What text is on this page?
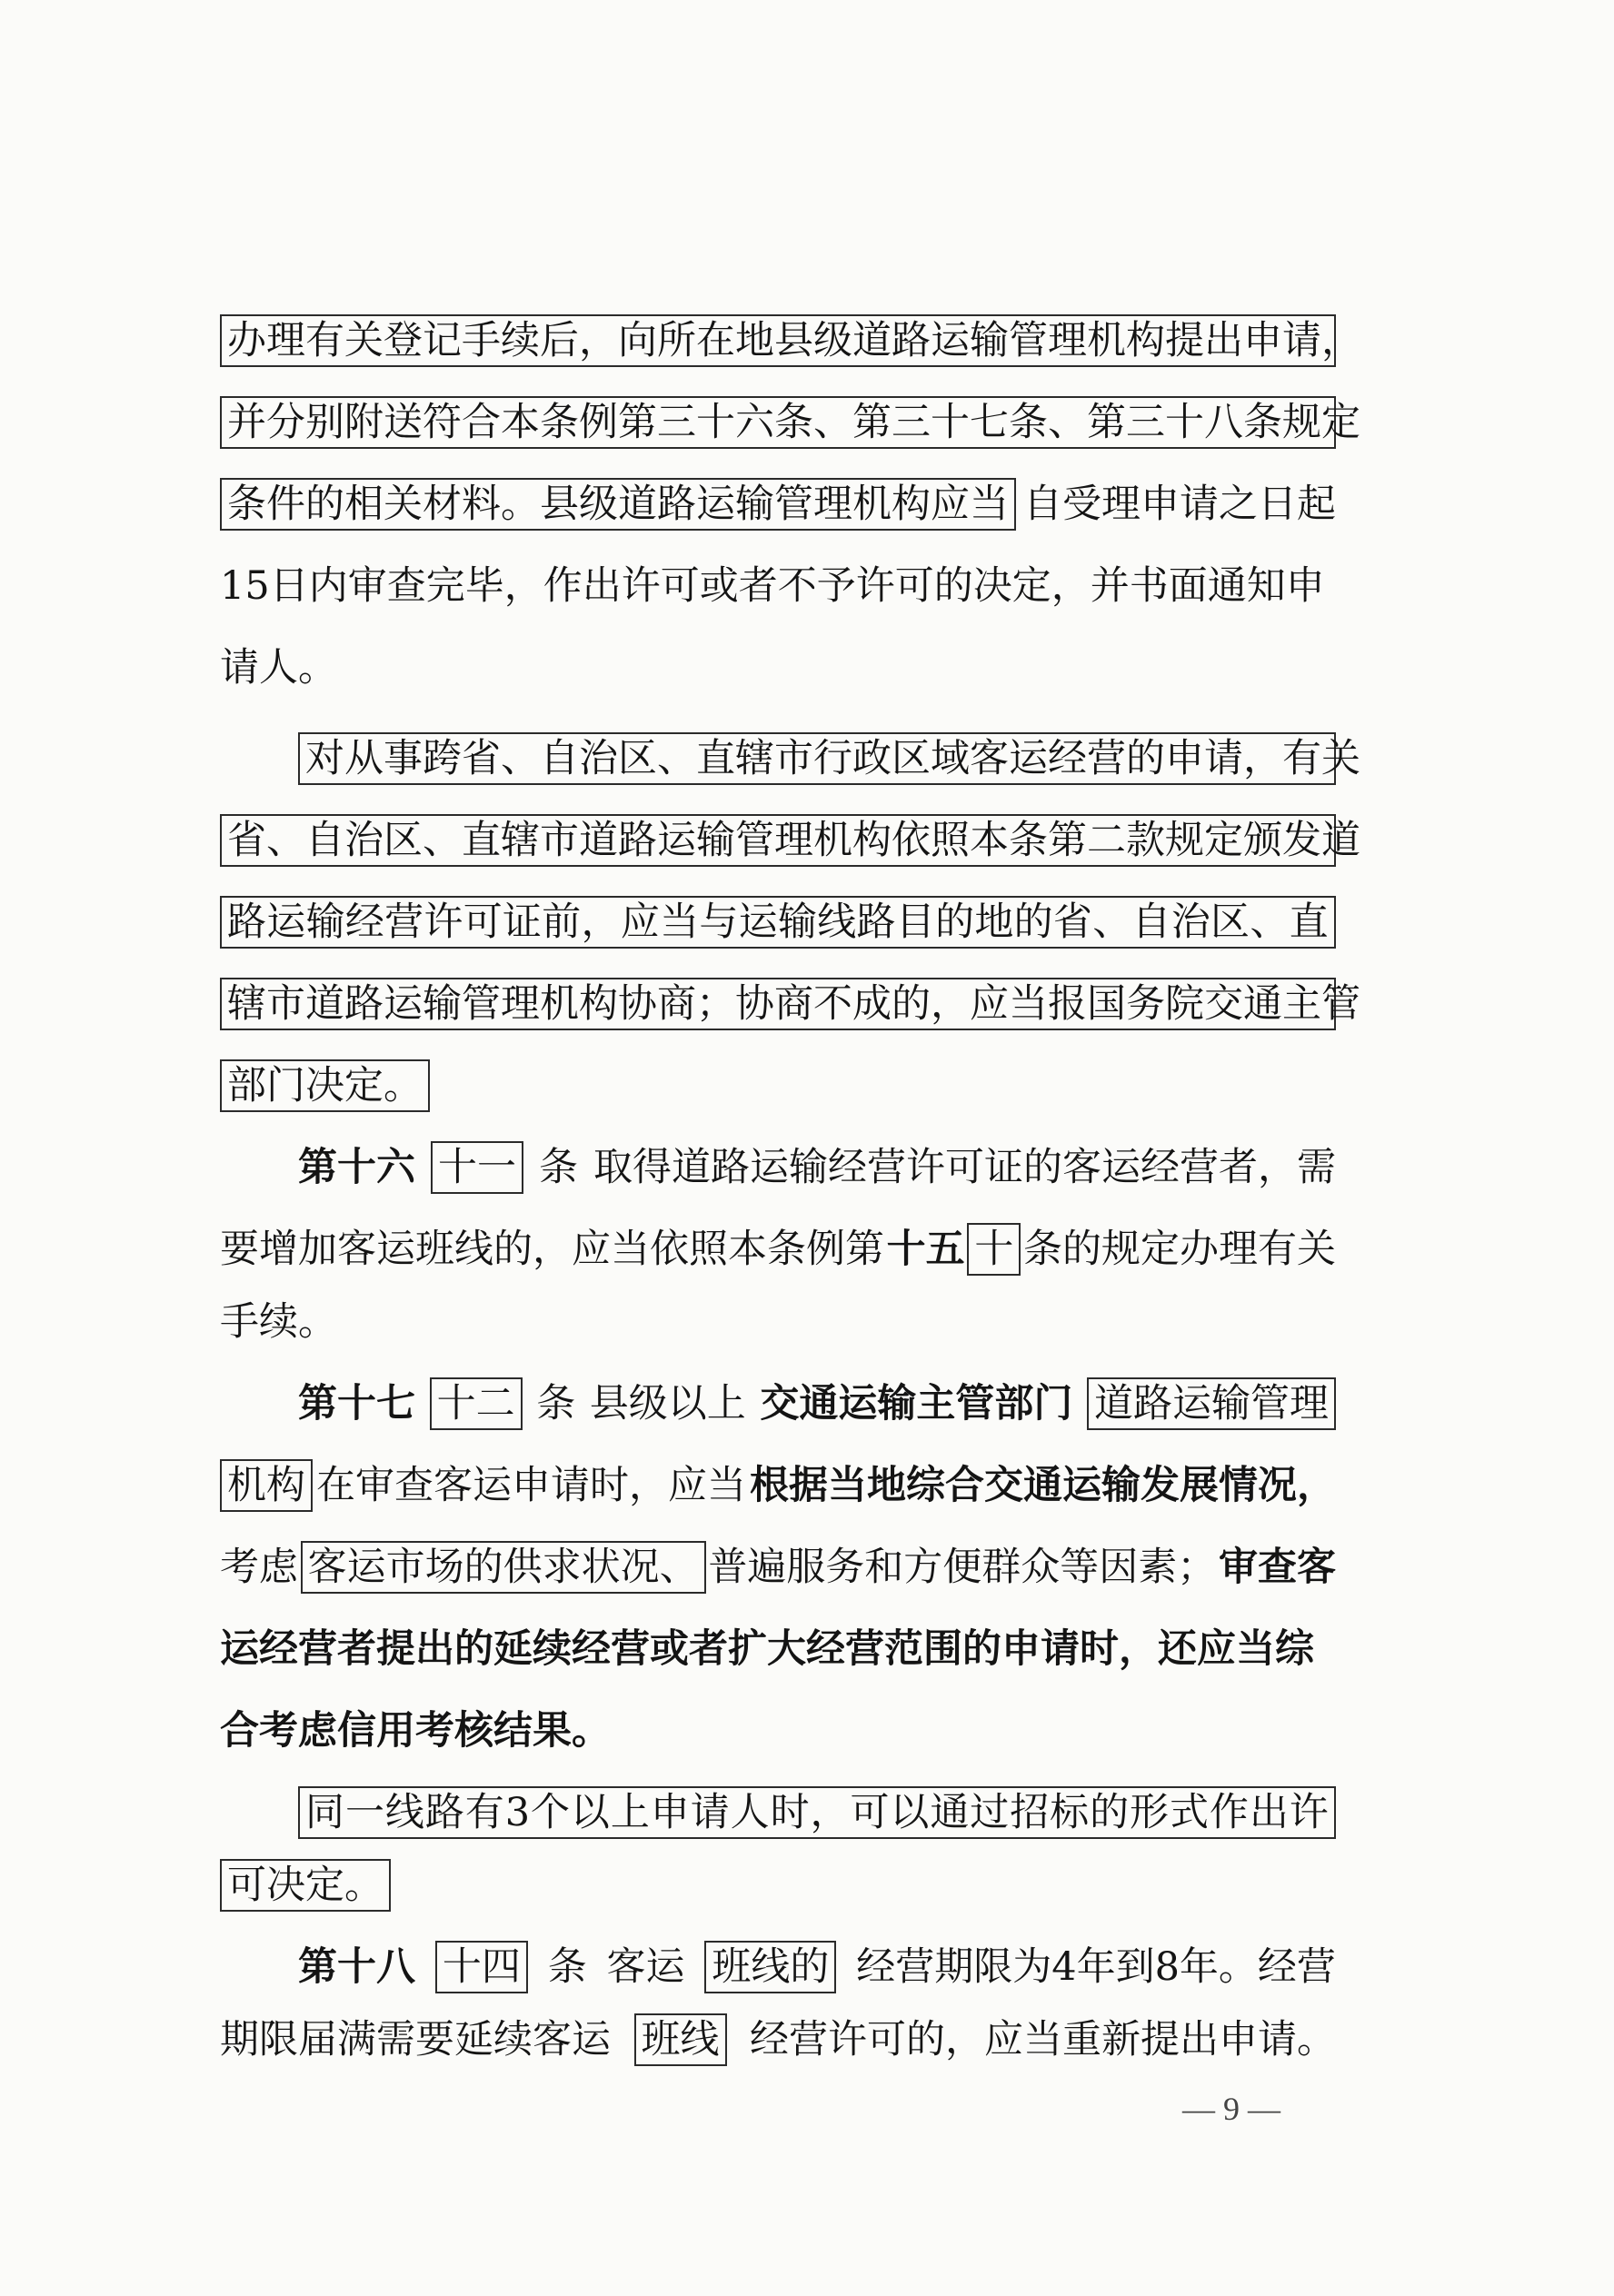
办 理 有 关 登 记 手 续 后 ， 向 所 在 地 县 级 道 路 运 输 管 理 机 构 提 出 申 请 ，
并 分 别 附 送 符 合 本 条 例 第 三 十 六 条 、 第 三 十 七 条 、 第 三 十 八 条 规 定
条件的相关材料。县级道路运输管理机构应当 自受理申请之日起
15日内审查完毕，作出许可或者不予许可的决定，并书面通知申
请人。
对 从 事 跨 省 、 自 治 区 、 直 辖 市 行 政 区 域 客 运 经 营 的 申 请 ， 有 关
省 、 自 治 区 、 直 辖 市 道 路 运 输 管 理 机 构 依 照 本 条 第 二 款 规 定 颁 发 道
路 运 输 经 营 许 可 证 前 ， 应 当 与 运 输 线 路 目 的 地 的 省 、 自 治 区 、 直
辖 市 道 路 运 输 管 理 机 构 协 商 ； 协 商 不 成 的 ， 应 当 报 国 务 院 交 通 主 管
部门决定。
第十六 十一 条 取得道路运输经营许可证的客运经营者，需
要增加客运班线的，应当依照本条例第 十五 十 条的规定办理有关
手续。
第十七 十二 条 县级以上 交通运输主管部门 道路运输管理
机构 在审查客运申请时，应当 根据当地综合交通运输发展情况，
考虑 客运市场的供求状况、 普遍服务和方便群众等因素； 审查客
运经营者提出的延续经营或者扩大经营范围的申请时，还应当综
合考虑信用考核结果。
同 一 线 路 有 3 个 以 上 申 请 人 时 ， 可 以 通 过 招 标 的 形 式 作 出 许
可决定。
第十八 十四 条 客运 班线的 经营期限为4年到8年。经营
期限届满需要延续客运 班线 经营许可的，应当重新提出申请。
— 9 —
